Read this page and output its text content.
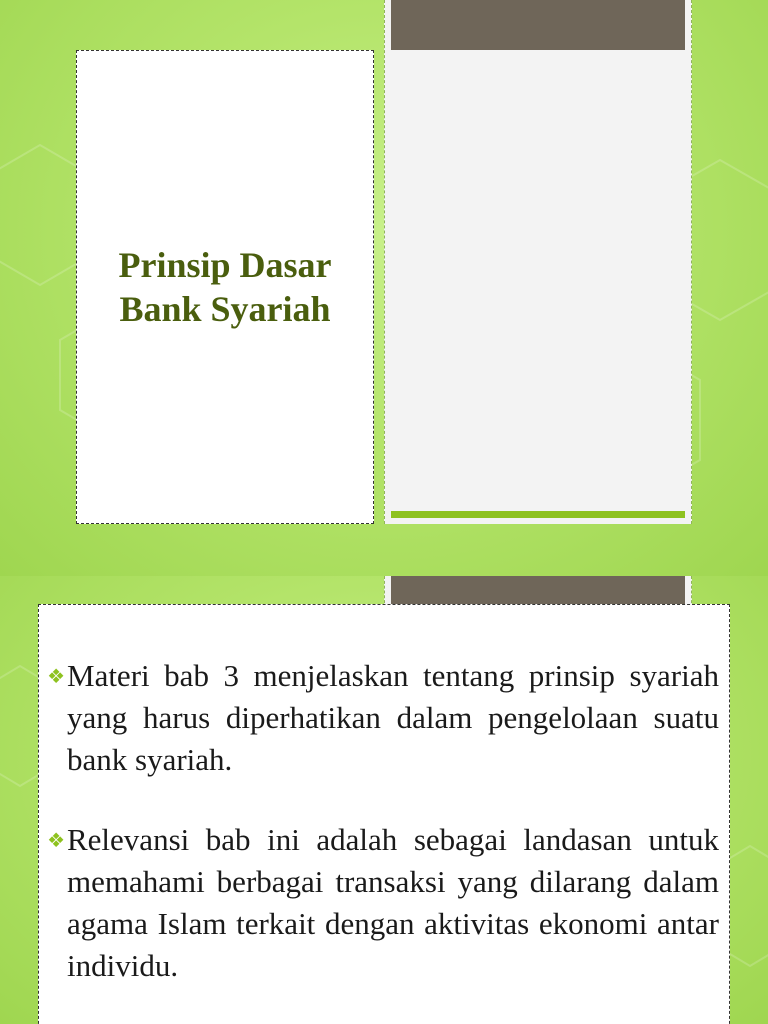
Prinsip Dasar
Bank Syariah
❖ Materi bab 3 menjelaskan tentang prinsip syariah yang harus diperhatikan dalam pengelolaan suatu bank syariah.

❖ Relevansi bab ini adalah sebagai landasan untuk memahami berbagai transaksi yang dilarang dalam agama Islam terkait dengan aktivitas ekonomi antar individu.
